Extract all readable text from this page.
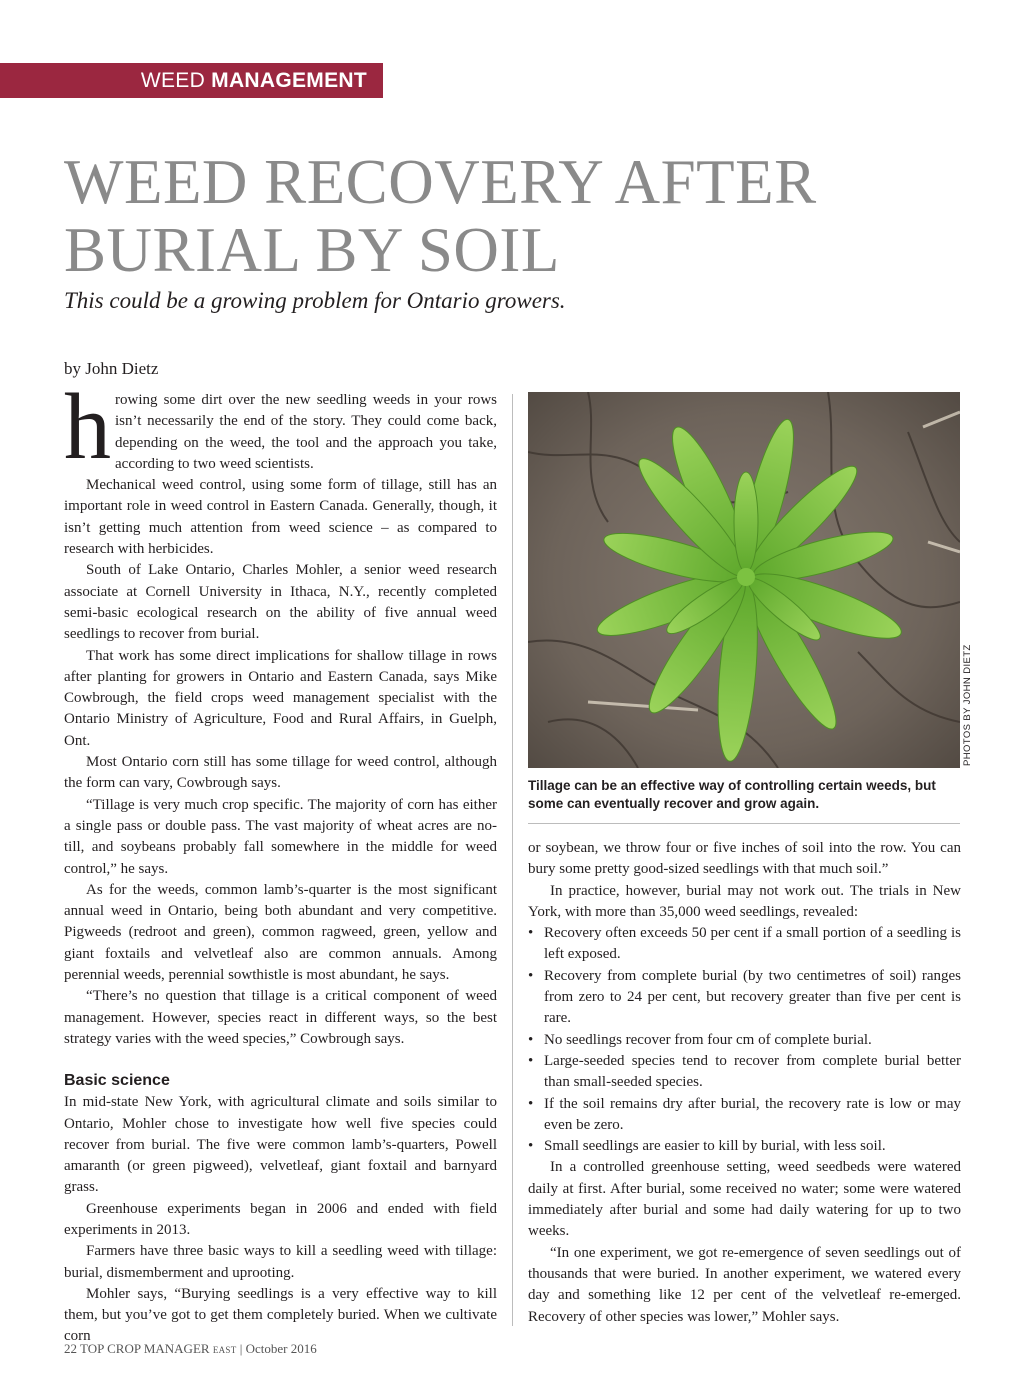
WEED MANAGEMENT
WEED RECOVERY AFTER
BURIAL BY SOIL
This could be a growing problem for Ontario growers.
by John Dietz

hrowing some dirt over the new seedling weeds in your rows isn’t necessarily the end of the story. They could come back, depending on the weed, the tool and the approach you take, according to two weed scientists.

Mechanical weed control, using some form of tillage, still has an important role in weed control in Eastern Canada. Generally, though, it isn’t getting much attention from weed science – as compared to research with herbicides.

South of Lake Ontario, Charles Mohler, a senior weed research associate at Cornell University in Ithaca, N.Y., recently completed semi-basic ecological research on the ability of five annual weed seedlings to recover from burial.

That work has some direct implications for shallow tillage in rows after planting for growers in Ontario and Eastern Canada, says Mike Cowbrough, the field crops weed management specialist with the Ontario Ministry of Agriculture, Food and Rural Affairs, in Guelph, Ont.

Most Ontario corn still has some tillage for weed control, although the form can vary, Cowbrough says.

“Tillage is very much crop specific. The majority of corn has either a single pass or double pass. The vast majority of wheat acres are no-till, and soybeans probably fall somewhere in the middle for weed control,” he says.

As for the weeds, common lamb’s-quarter is the most significant annual weed in Ontario, being both abundant and very competitive. Pigweeds (redroot and green), common ragweed, green, yellow and giant foxtails and velvetleaf also are common annuals. Among perennial weeds, perennial sowthistle is most abundant, he says.

“There’s no question that tillage is a critical component of weed management. However, species react in different ways, so the best strategy varies with the weed species,” Cowbrough says.

Basic science

In mid-state New York, with agricultural climate and soils similar to Ontario, Mohler chose to investigate how well five species could recover from burial. The five were common lamb’s-quarters, Powell amaranth (or green pigweed), velvetleaf, giant foxtail and barnyard grass.

Greenhouse experiments began in 2006 and ended with field experiments in 2013.

Farmers have three basic ways to kill a seedling weed with tillage: burial, dismemberment and uprooting.

Mohler says, “Burying seedlings is a very effective way to kill them, but you’ve got to get them completely buried. When we cultivate corn

PHOTOS BY JOHN DIETZ
Tillage can be an effective way of controlling certain weeds, but some can eventually recover and grow again.

or soybean, we throw four or five inches of soil into the row. You can bury some pretty good-sized seedlings with that much soil.”

In practice, however, burial may not work out. The trials in New York, with more than 35,000 weed seedlings, revealed:

• Recovery often exceeds 50 per cent if a small portion of a seedling is left exposed.
• Recovery from complete burial (by two centimetres of soil) ranges from zero to 24 per cent, but recovery greater than five per cent is rare.
• No seedlings recover from four cm of complete burial.
• Large-seeded species tend to recover from complete burial better than small-seeded species.
• If the soil remains dry after burial, the recovery rate is low or may even be zero.
• Small seedlings are easier to kill by burial, with less soil.

In a controlled greenhouse setting, weed seedbeds were watered daily at first. After burial, some received no water; some were watered immediately after burial and some had daily watering for up to two weeks.

“In one experiment, we got re-emergence of seven seedlings out of thousands that were buried. In another experiment, we watered every day and something like 12 per cent of the velvetleaf re-emerged. Recovery of other species was lower,” Mohler says.

22 TOP CROP MANAGER EAST | October 2016
